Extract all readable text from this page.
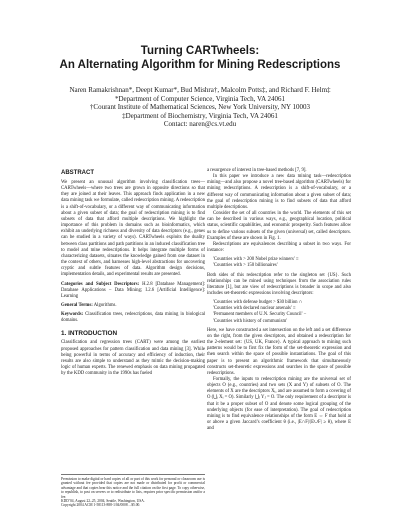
Turning CARTwheels:
An Alternating Algorithm for Mining Redescriptions
Naren Ramakrishnan*, Deept Kumar*, Bud Mishra†, Malcolm Potts‡, and Richard F. Helm‡
*Department of Computer Science, Virginia Tech, VA 24061
†Courant Institute of Mathematical Sciences, New York University, NY 10003
‡Department of Biochemistry, Virginia Tech, VA 24061
Contact: naren@cs.vt.edu
ABSTRACT

We present an unusual algorithm involving classification trees—CARTwheels—where two trees are grown in opposite directions so that they are joined at their leaves. This approach finds application in a new data mining task we formulate, called redescription mining. A redescription is a shift-of-vocabulary, or a different way of communicating information about a given subset of data; the goal of redescription mining is to find subsets of data that afford multiple descriptions. We highlight the importance of this problem in domains such as bioinformatics, which exhibit an underlying richness and diversity of data descriptors (e.g., genes can be studied in a variety of ways). CARTwheels exploits the duality between class partitions and path partitions in an induced classification tree to model and mine redescriptions. It helps integrate multiple forms of characterizing datasets, situates the knowledge gained from one dataset in the context of others, and harnesses high-level abstractions for uncovering cryptic and subtle features of data. Algorithm design decisions, implementation details, and experimental results are presented.

Categories and Subject Descriptors: H.2.8 [Database Management]: Database Applications – Data Mining; I.2.6 [Artificial Intelligence]: Learning

General Terms: Algorithms.

Keywords: Classification trees, redescriptions, data mining in biological domains.

1. INTRODUCTION

Classification and regression trees (CART) were among the earliest proposed approaches for pattern classification and data mining [3]. While being powerful in terms of accuracy and efficiency of induction, their results are also simple to understand as they mimic the decision-making logic of human experts. The renewed emphasis on data mining propagated by the KDD community in the 1990s has fueled

Permission to make digital or hard copies of all or part of this work for personal or classroom use is granted without fee provided that copies are not made or distributed for profit or commercial advantage and that copies bear this notice and the full citation on the first page. To copy otherwise, to republish, to post on servers or to redistribute to lists, requires prior specific permission and/or a fee.

KDD’04, August 22–25, 2004, Seattle, Washington, USA.

Copyright 2004 ACM 1-58113-888-1/04/0008 ...$5.00.

a resurgence of interest in tree-based methods [7, 9].

In this paper we introduce a new data mining task—redescription mining—and also propose a novel tree-based algorithm (CARTwheels) for mining redescriptions. A redescription is a shift-of-vocabulary, or a different way of communicating information about a given subset of data; the goal of redescription mining is to find subsets of data that afford multiple descriptions.

Consider the set of all countries in the world. The elements of this set can be described in various ways, e.g., geographical location, political status, scientific capabilities, and economic prosperity. Such features allow us to define various subsets of the given (universal) set, called descriptors. Examples of these are shown in Fig. 1.

Redescriptions are equivalences describing a subset in two ways. For instance:

'Countries with > 200 Nobel prize winners' ≡

'Countries with > 150 billionaires'

Both sides of this redescription refer to the singleton set {US}. Such relationships can be mined using techniques from the association rules literature [1], but are view of redescriptions is broader in scope and also includes set-theoretic expressions involving descriptors:

'Countries with defense budget > $30 billion ∩

'Countries with declared nuclear arsenals' ≡

'Permanent members of U.N. Security Council' −

'Countries with history of communism'

Here, we have constructed a set intersection on the left and a set difference on the right, from the given descriptors, and obtained a redescription for the 2-element set: {US, UK, France}. A typical approach to mining such patterns would be to first fix the form of the set-theoretic expression and then search within the space of possible instantiations. The goal of this paper is to present an algorithmic framework that simultaneously constructs set-theoretic expressions and searches in the space of possible redescriptions.

Formally, the inputs to redescription mining are the universal set of objects O (e.g., countries) and two sets (X and Y) of subsets of O. The elements of X are the descriptors Xᵢ, and are assumed to form a covering of O (⋃ᵢ Xᵢ = O). Similarly ⋃ⱼ Yⱼ = O. The only requirement of a descriptor is that it be a proper subset of O and denote some logical grouping of the underlying objects (for ease of interpretation). The goal of redescription mining is to find equivalence relationships of the form E ⇔ F that hold at or above a given Jaccard’s coefficient θ (i.e., |E∩F|/|E∪F| ≥ θ), where E and
